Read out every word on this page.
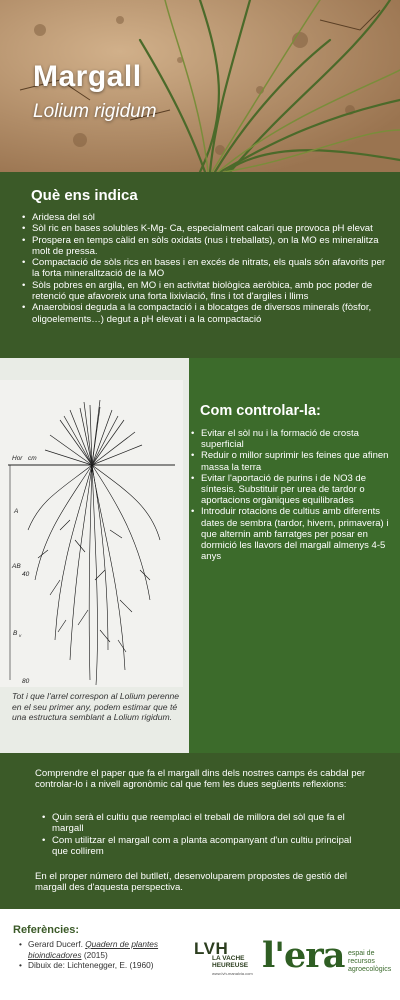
Margall
Lolium rigidum
Què ens indica
• Aridesa del sòl
• Sòl ric en bases solubles K-Mg- Ca, especialment calcari que provoca pH elevat
• Prospera en temps càlid en sòls oxidats (nus i treballats), on la MO es mineralitza molt de pressa.
• Compactació de sòls rics en bases i en excés de nitrats, els quals són afavorits per la forta mineralització de la MO
• Sòls pobres en argila, en MO i en activitat biològica aeròbica, amb poc poder de retenció que afavoreix una forta lixiviació, fins i tot d'argiles i llims
• Anaerobiosi deguda a la compactació i a blocatges de diversos minerals (fòsfor, oligoelements…) degut a pH elevat i a la compactació
Hor cm
A
AB
40
B v
80
Tot i que l'arrel correspon al Lolium perenne en el seu primer any, podem estimar que té una estructura semblant a Lolium rigidum.
Com controlar-la:
• Evitar el sòl nu i la formació de crosta superficial
• Reduir o millor suprimir les feines que afinen massa la terra
• Evitar l'aportació de purins i de NO3 de síntesis. Substituir per urea de tardor o aportacions orgàniques equilibrades
• Introduir rotacions de cultius amb diferents dates de sembra (tardor, hivern, primavera) i que alternin amb farratges per posar en dormició les llavors del margall almenys 4-5 anys

Comprendre el paper que fa el margall dins dels nostres camps és cabdal per controlar-lo i a nivell agronòmic cal que fem les dues següents reflexions:

• Quin serà el cultiu que reemplaci el treball de millora del sòl que fa el margall
• Com utilitzar el margall com a planta acompanyant d'un cultiu principal que collirem

En el proper número del butlletí, desenvoluparem propostes de gestió del margall des d'aquesta perspectiva.

Referències:
• Gerard Ducerf. Quadern de plantes bioindicadores (2015)
• Dibuix de: Lichtenegger, E. (1960)
LVH
LA VACHE
HEUREUSE
www.lvh-manalvia.com l'era espai de recursos agroecològics
